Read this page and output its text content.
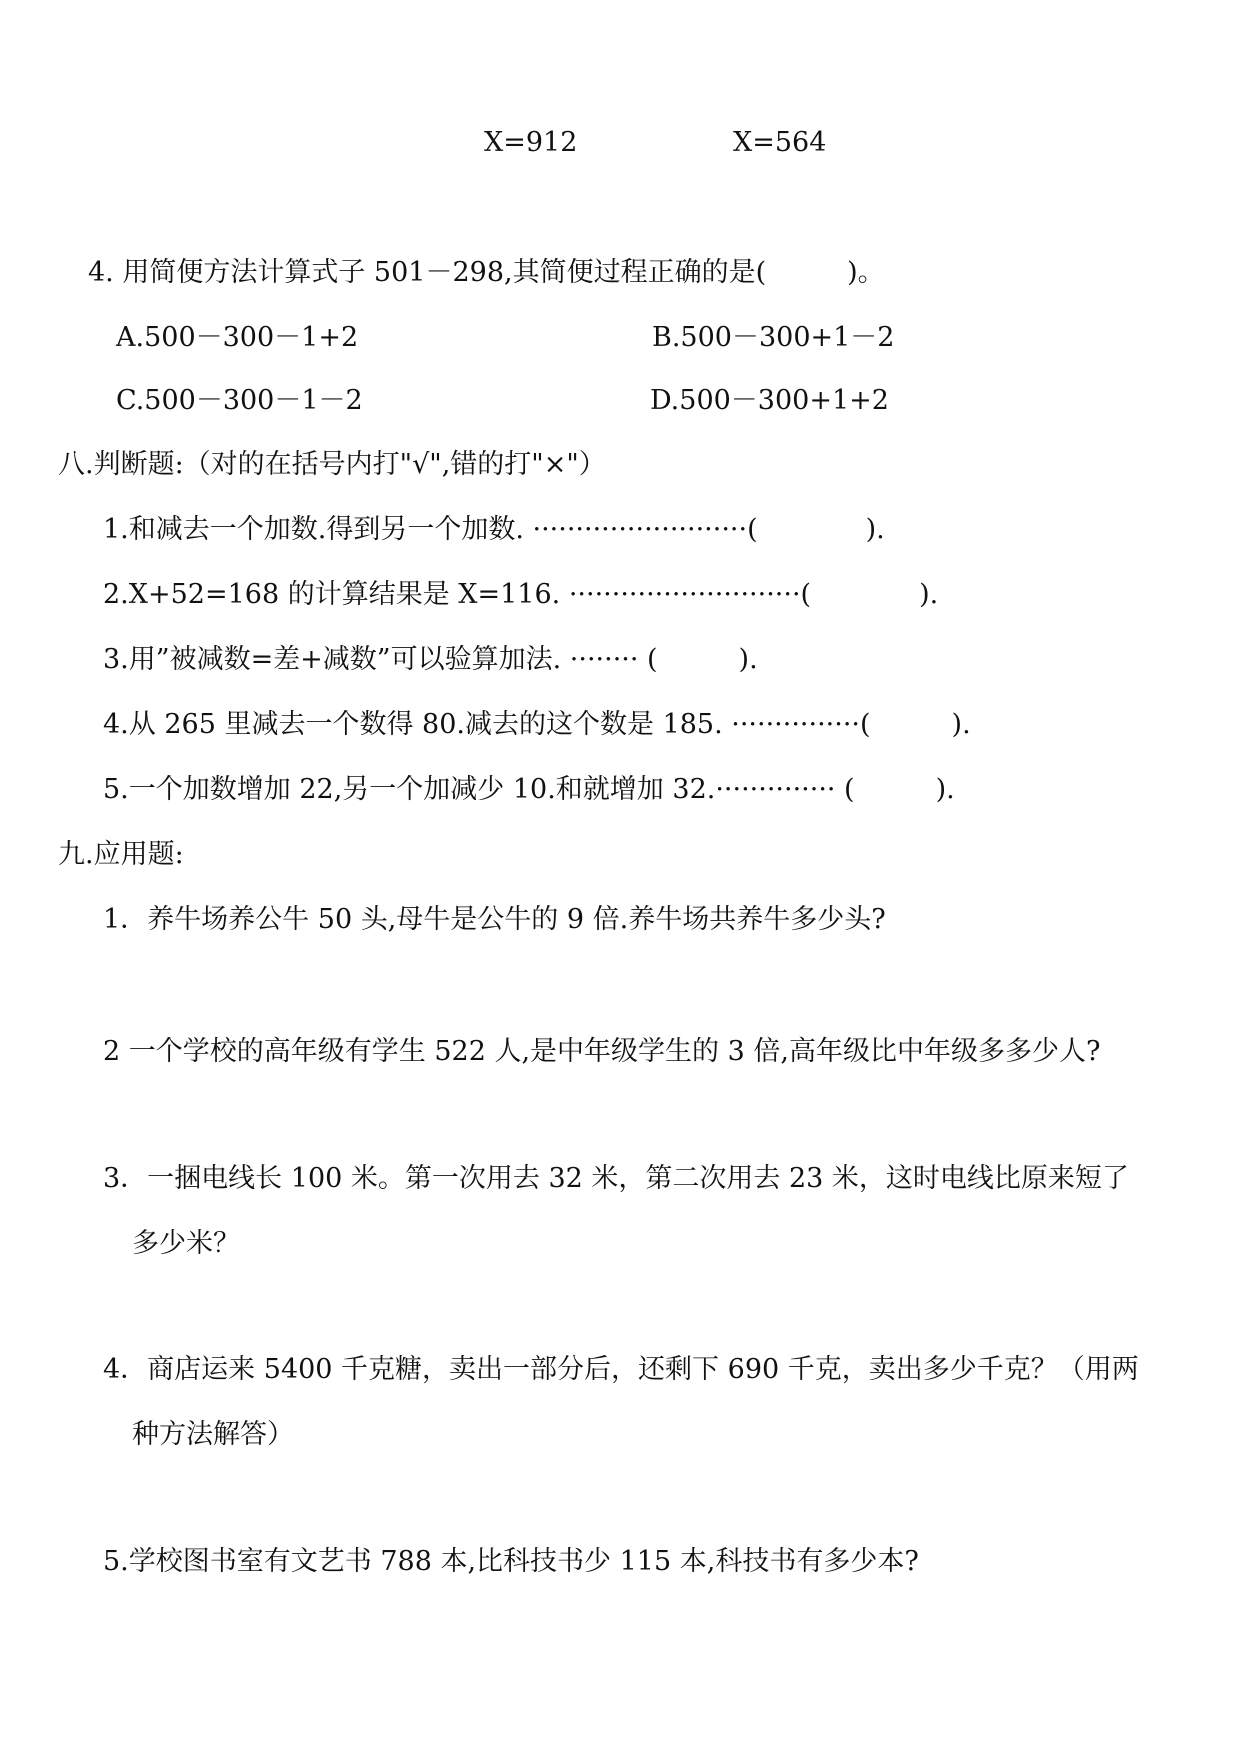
X=912	X=564
4. 用简便方法计算式子 501－298,其简便过程正确的是(　　　)。
A.500－300－1+2	B.500－300+1－2
C.500－300－1－2	D.500－300+1+2
八.判断题:（对的在括号内打"√",错的打"×"）
1.和减去一个加数.得到另一个加数. ·························(　　　　).
2.X+52=168 的计算结果是 X=116. ···························(　　　　).
3.用”被减数=差+减数”可以验算加法. ········ (　　　).
4.从 265 里减去一个数得 80.减去的这个数是 185. ···············(　　　).
5.一个加数增加 22,另一个加减少 10.和就增加 32.·············· (　　　).
九.应用题:
1．养牛场养公牛 50 头,母牛是公牛的 9 倍.养牛场共养牛多少头?
2 一个学校的高年级有学生 522 人,是中年级学生的 3 倍,高年级比中年级多多少人?
3．一捆电线长 100 米。第一次用去 32 米，第二次用去 23 米，这时电线比原来短了
多少米？
4．商店运来 5400 千克糖，卖出一部分后，还剩下 690 千克，卖出多少千克？（用两
种方法解答）
5.学校图书室有文艺书 788 本,比科技书少 115 本,科技书有多少本?
